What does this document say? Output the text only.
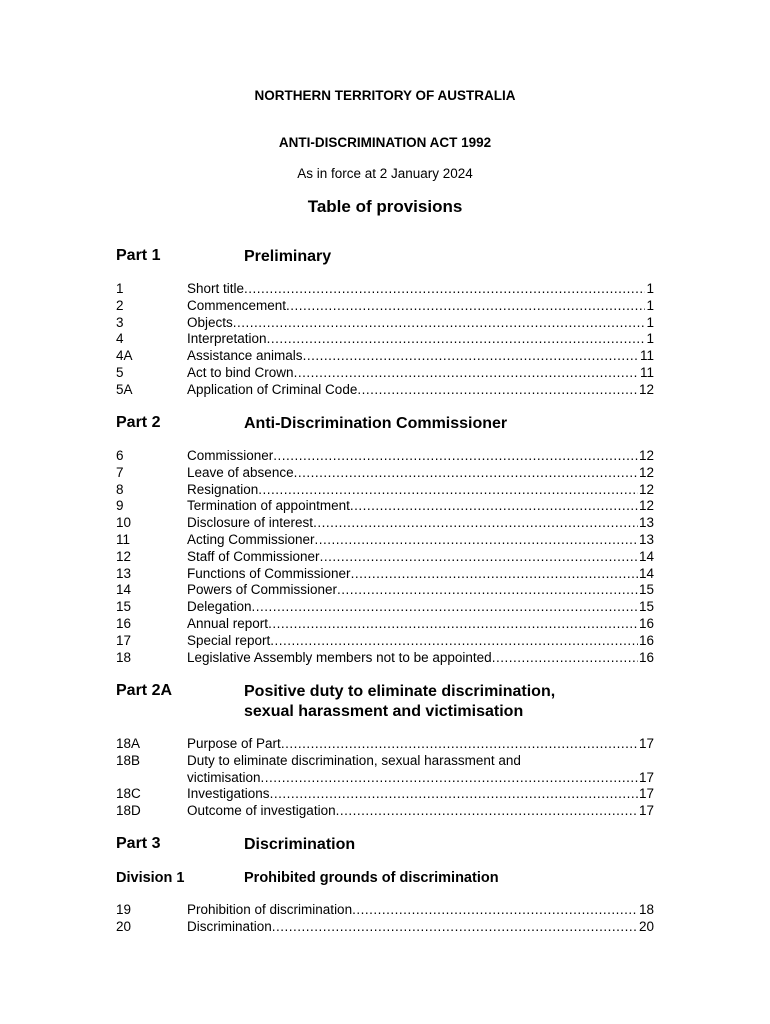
NORTHERN TERRITORY OF AUSTRALIA
ANTI-DISCRIMINATION ACT 1992
As in force at 2 January 2024
Table of provisions
Part 1	Preliminary
1	Short title .....	1
2	Commencement .....	1
3	Objects .....	1
4	Interpretation .....	1
4A	Assistance animals .....	11
5	Act to bind Crown .....	11
5A	Application of Criminal Code .....	12
Part 2	Anti-Discrimination Commissioner
6	Commissioner .....	12
7	Leave of absence .....	12
8	Resignation .....	12
9	Termination of appointment .....	12
10	Disclosure of interest .....	13
11	Acting Commissioner .....	13
12	Staff of Commissioner .....	14
13	Functions of Commissioner .....	14
14	Powers of Commissioner .....	15
15	Delegation .....	15
16	Annual report .....	16
17	Special report .....	16
18	Legislative Assembly members not to be appointed .....	16
Part 2A	Positive duty to eliminate discrimination,
sexual harassment and victimisation
18A	Purpose of Part .....	17
18B	Duty to eliminate discrimination, sexual harassment and
victimisation .....	17
18C	Investigations .....	17
18D	Outcome of investigation .....	17
Part 3	Discrimination
Division 1	Prohibited grounds of discrimination
19	Prohibition of discrimination .....	18
20	Discrimination .....	20
